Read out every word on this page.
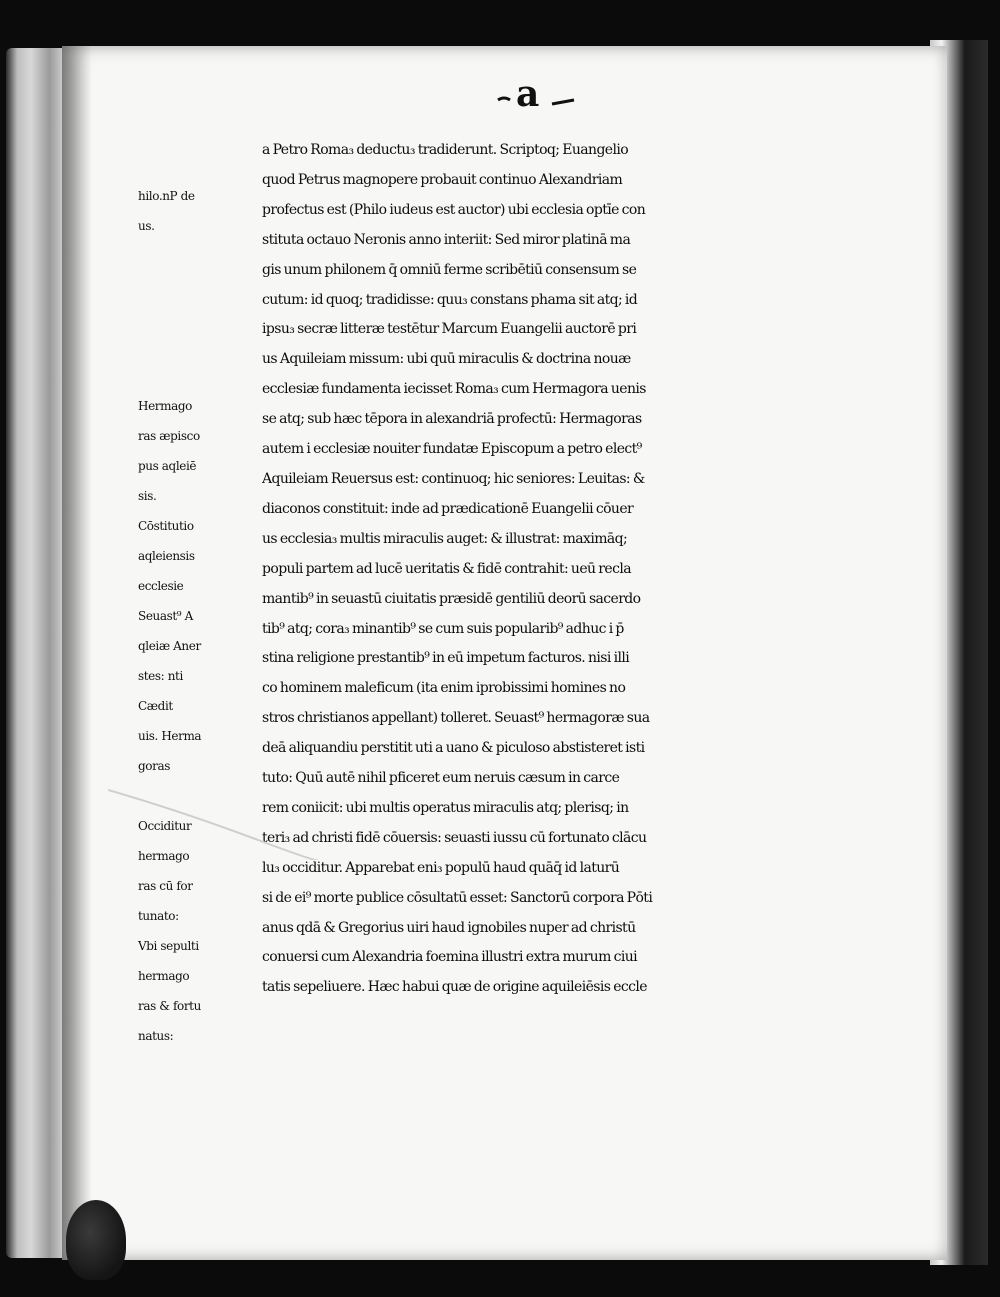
a
hilo.nP de
us.
Hermago
ras æpisco
pus aqleiē
sis.
Cōstitutio
aqleiensis
ecclesie
Seuast⁹ A
qleiæ Aner
stes: nti
Cædit
uis. Herma
goras
Occiditur
hermago
ras cū for
tunato:
Vbi sepulti
hermago
ras & fortu
natus:
a Petro Roma₃ deductu₃ tradiderunt. Scriptoq; Euangelio
quod Petrus magnopere probauit continuo Alexandriam
profectus est (Philo iudeus est auctor) ubi ecclesia optīe con
stituta octauo Neronis anno interiit: Sed miror platinā ma
gis unum philonem q̄ omniū ferme scribētiū consensum se
cutum: id quoq; tradidisse: quu₃ constans phama sit atq; id
ipsu₃ secræ litteræ testētur Marcum Euangelii auctorē pri
us Aquileiam missum: ubi quū miraculis & doctrina nouæ
ecclesiæ fundamenta iecisset Roma₃ cum Hermagora uenis
se atq; sub hæc tēpora in alexandriā profectū: Hermagoras
autem i ecclesiæ nouiter fundatæ Episcopum a petro elect⁹
Aquileiam Reuersus est: continuoq; hic seniores: Leuitas: &
diaconos constituit: inde ad prædicationē Euangelii cōuer
us ecclesia₃ multis miraculis auget: & illustrat: maximāq;
populi partem ad lucē ueritatis & fidē contrahit: ueū recla
mantib⁹ in seuastū ciuitatis præsidē gentiliū deorū sacerdo
tib⁹ atq; cora₃ minantib⁹ se cum suis popularib⁹ adhuc i p̄
stina religione prestantib⁹ in eū impetum facturos. nisi illi
co hominem maleficum (ita enim iprobissimi homines no
stros christianos appellant) tolleret. Seuast⁹ hermagoræ sua
deā aliquandiu perstitit uti a uano & piculoso abstisteret isti
tuto: Quū autē nihil pficeret eum neruis cæsum in carce
rem coniicit: ubi multis operatus miraculis atq; plerisq; in
teri₃ ad christi fidē cōuersis: seuasti iussu cū fortunato clācu
lu₃ occiditur. Apparebat eni₃ populū haud quāq̄ id laturū
si de ei⁹ morte publice cōsultatū esset: Sanctorū corpora Pōti
anus qdā & Gregorius uiri haud ignobiles nuper ad christū
conuersi cum Alexandria foemina illustri extra murum ciui
tatis sepeliuere. Hæc habui quæ de origine aquileiēsis eccle
